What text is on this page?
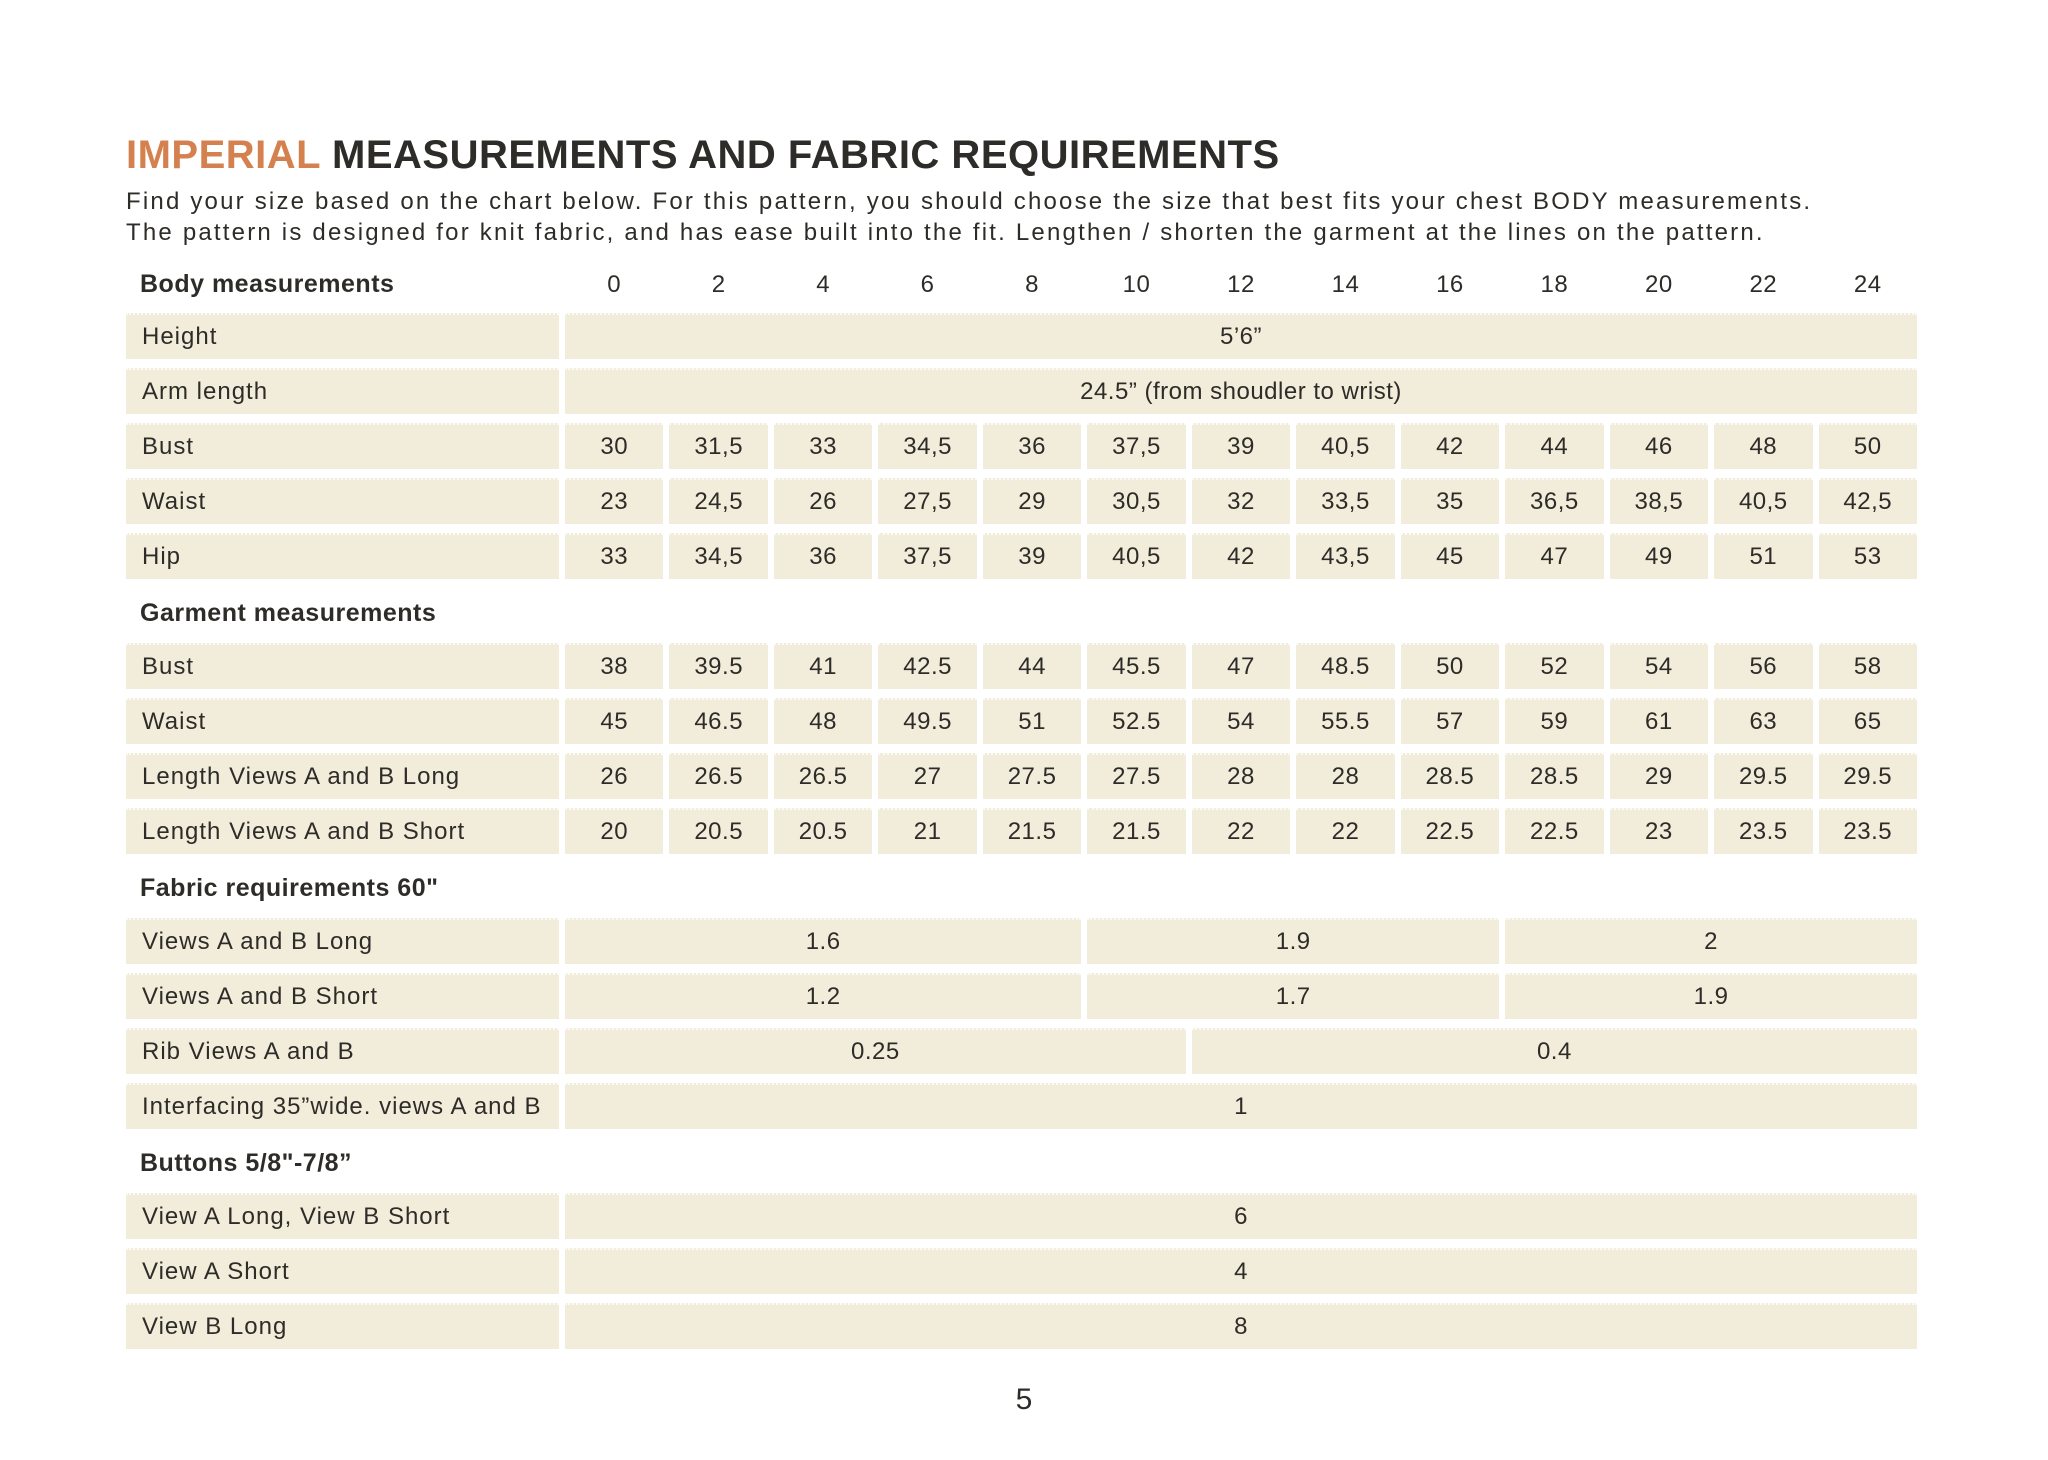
IMPERIAL MEASUREMENTS AND FABRIC REQUIREMENTS
Find your size based on the chart below. For this pattern, you should choose the size that best fits your chest BODY measurements.
The pattern is designed for knit fabric, and has ease built into the fit. Lengthen / shorten the garment at the lines on the pattern.
Body measurements	0	2	4	6	8	10	12	14	16	18	20	22	24
Height	5’6”
Arm length	24.5” (from shoudler to wrist)
Bust	30	31,5	33	34,5	36	37,5	39	40,5	42	44	46	48	50
Waist	23	24,5	26	27,5	29	30,5	32	33,5	35	36,5	38,5	40,5	42,5
Hip	33	34,5	36	37,5	39	40,5	42	43,5	45	47	49	51	53
Garment measurements
Bust	38	39.5	41	42.5	44	45.5	47	48.5	50	52	54	56	58
Waist	45	46.5	48	49.5	51	52.5	54	55.5	57	59	61	63	65
Length Views A and B Long	26	26.5	26.5	27	27.5	27.5	28	28	28.5	28.5	29	29.5	29.5
Length Views A and B Short	20	20.5	20.5	21	21.5	21.5	22	22	22.5	22.5	23	23.5	23.5
Fabric requirements 60"
Views A and B Long	1.6	1.9	2
Views A and B Short	1.2	1.7	1.9
Rib Views A and B	0.25	0.4
Interfacing 35”wide. views A and B	1
Buttons 5/8"-7/8”
View A Long, View B Short	6
View A Short	4
View B Long	8
5
